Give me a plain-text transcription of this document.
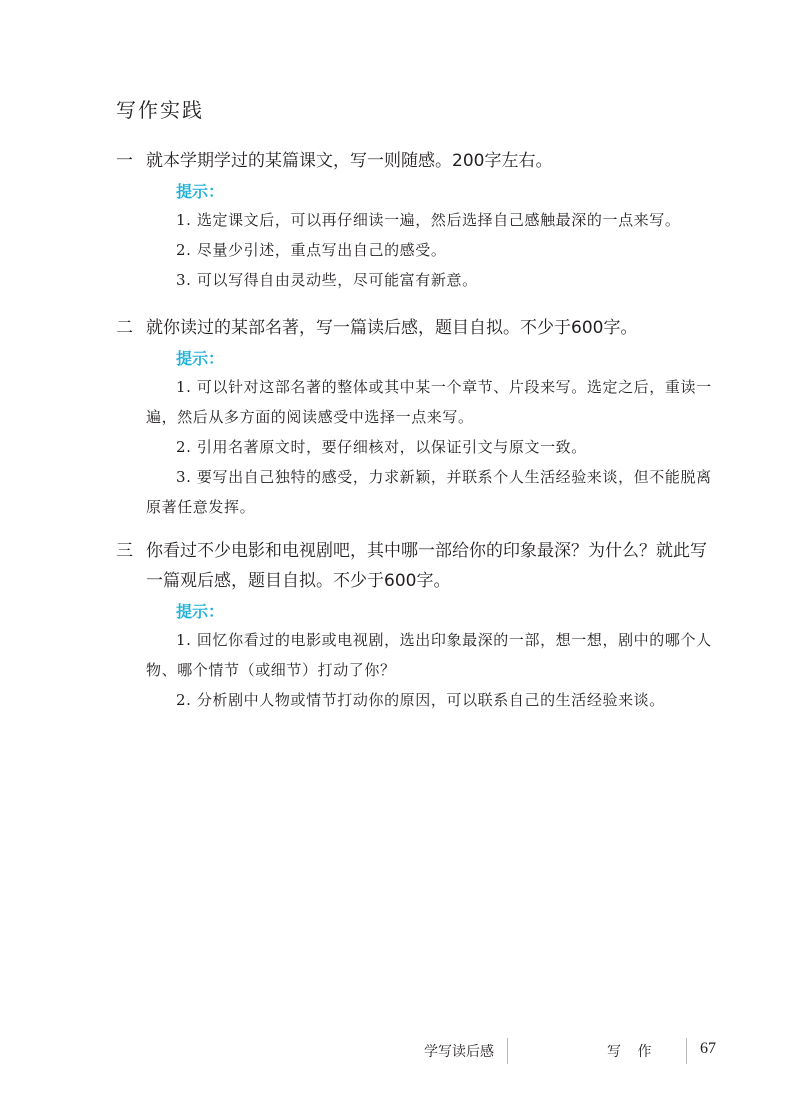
写作实践
一 就本学期学过的某篇课文，写一则随感。200字左右。
提示：
1. 选定课文后，可以再仔细读一遍，然后选择自己感触最深的一点来写。
2. 尽量少引述，重点写出自己的感受。
3. 可以写得自由灵动些，尽可能富有新意。
二 就你读过的某部名著，写一篇读后感，题目自拟。不少于600字。
提示：
1. 可以针对这部名著的整体或其中某一个章节、片段来写。选定之后，重读一遍，然后从多方面的阅读感受中选择一点来写。
2. 引用名著原文时，要仔细核对，以保证引文与原文一致。
3. 要写出自己独特的感受，力求新颖，并联系个人生活经验来谈，但不能脱离原著任意发挥。
三 你看过不少电影和电视剧吧，其中哪一部给你的印象最深？为什么？就此写一篇观后感，题目自拟。不少于600字。
提示：
1. 回忆你看过的电影或电视剧，选出印象最深的一部，想一想，剧中的哪个人物、哪个情节（或细节）打动了你？
2. 分析剧中人物或情节打动你的原因，可以联系自己的生活经验来谈。
学写读后感	写 作	67
